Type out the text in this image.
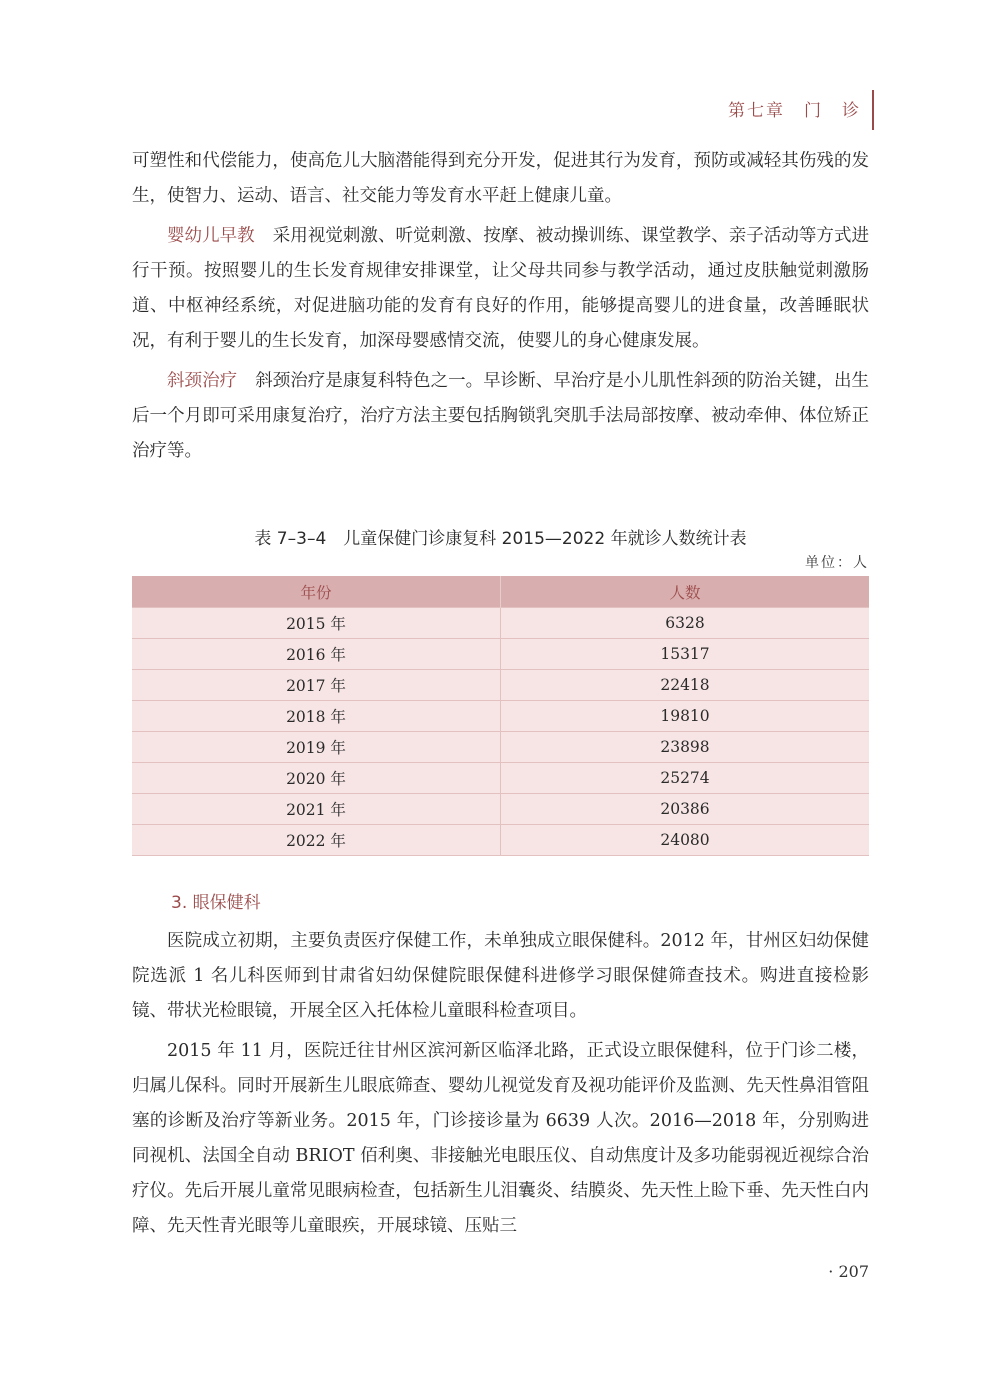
第七章　门　诊

可塑性和代偿能力，使高危儿大脑潜能得到充分开发，促进其行为发育，预防或减轻其伤残的发生，使智力、运动、语言、社交能力等发育水平赶上健康儿童。

婴幼儿早教 采用视觉刺激、听觉刺激、按摩、被动操训练、课堂教学、亲子活动等方式进行干预。按照婴儿的生长发育规律安排课堂，让父母共同参与教学活动，通过皮肤触觉刺激肠道、中枢神经系统，对促进脑功能的发育有良好的作用，能够提高婴儿的进食量，改善睡眠状况，有利于婴儿的生长发育，加深母婴感情交流，使婴儿的身心健康发展。

斜颈治疗 斜颈治疗是康复科特色之一。早诊断、早治疗是小儿肌性斜颈的防治关键，出生后一个月即可采用康复治疗，治疗方法主要包括胸锁乳突肌手法局部按摩、被动牵伸、体位矫正治疗等。

表 7–3–4　儿童保健门诊康复科 2015—2022 年就诊人数统计表
单位：人
年份	人数
2015 年	6328
2016 年	15317
2017 年	22418
2018 年	19810
2019 年	23898
2020 年	25274
2021 年	20386
2022 年	24080
3. 眼保健科

医院成立初期，主要负责医疗保健工作，未单独成立眼保健科。2012 年，甘州区妇幼保健院选派 1 名儿科医师到甘肃省妇幼保健院眼保健科进修学习眼保健筛查技术。购进直接检影镜、带状光检眼镜，开展全区入托体检儿童眼科检查项目。

2015 年 11 月，医院迁往甘州区滨河新区临泽北路，正式设立眼保健科，位于门诊二楼，归属儿保科。同时开展新生儿眼底筛查、婴幼儿视觉发育及视功能评价及监测、先天性鼻泪管阻塞的诊断及治疗等新业务。2015 年，门诊接诊量为 6639 人次。2016—2018 年，分别购进同视机、法国全自动 BRIOT 佰利奥、非接触光电眼压仪、自动焦度计及多功能弱视近视综合治疗仪。先后开展儿童常见眼病检查，包括新生儿泪囊炎、结膜炎、先天性上睑下垂、先天性白内障、先天性青光眼等儿童眼疾，开展球镜、压贴三

· 207
